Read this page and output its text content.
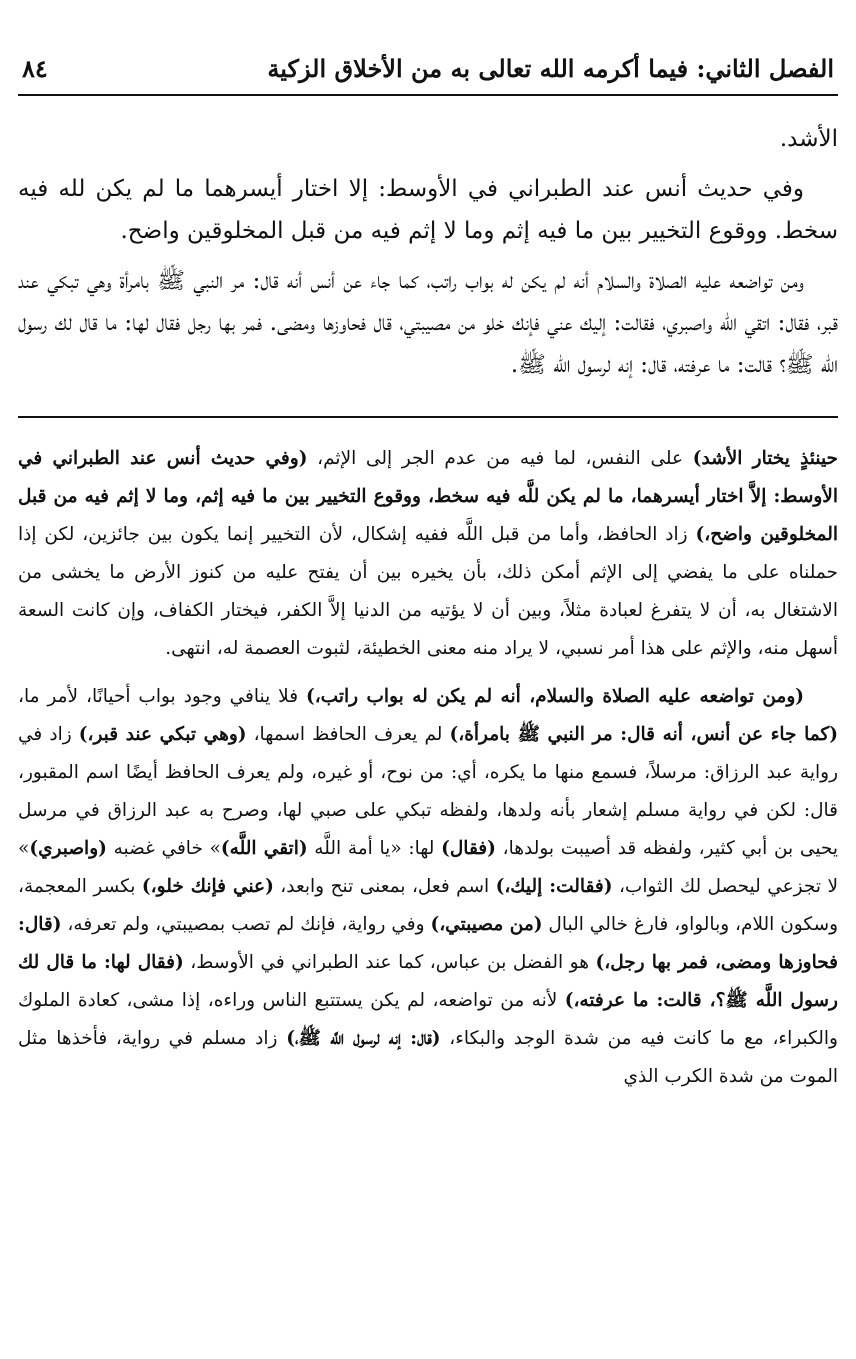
الفصل الثاني: فيما أكرمه الله تعالى به من الأخلاق الزكية
٨٤

الأشد.

وفي حديث أنس عند الطبراني في الأوسط: إلا اختار أيسرهما ما لم يكن لله فيه سخط. ووقوع التخيير بين ما فيه إثم وما لا إثم فيه من قبل المخلوقين واضح.

ومن تواضعه عليه الصلاة والسلام أنه لم يكن له بواب راتب، كما جاء عن أنس أنه قال: مر النبي ﷺ بامرأة وهي تبكي عند قبر، فقال: اتقي الله واصبري، فقالت: إليك عني فإنك خلو من مصيبتي، قال فحاوزها ومضى. فمر بها رجل فقال لها: ما قال لك رسول الله ﷺ؟ قالت: ما عرفته، قال: إنه لرسول الله ﷺ.

حينئذٍ يختار الأشد) على النفس، لما فيه من عدم الجر إلى الإثم، (وفي حديث أنس عند الطبراني في الأوسط: إلاَّ اختار أيسرهما، ما لم يكن للَّه فيه سخط، ووقوع التخيير بين ما فيه إثم، وما لا إثم فيه من قبل المخلوقين واضح،) زاد الحافظ، وأما من قبل اللَّه ففيه إشكال، لأن التخيير إنما يكون بين جائزين، لكن إذا حملناه على ما يفضي إلى الإثم أمكن ذلك، بأن يخيره بين أن يفتح عليه من كنوز الأرض ما يخشى من الاشتغال به، أن لا يتفرغ لعبادة مثلاً، وبين أن لا يؤتيه من الدنيا إلاَّ الكفر، فيختار الكفاف، وإن كانت السعة أسهل منه، والإثم على هذا أمر نسبي، لا يراد منه معنى الخطيئة، لثبوت العصمة له، انتهى.

(ومن تواضعه عليه الصلاة والسلام، أنه لم يكن له بواب راتب،) فلا ينافي وجود بواب أحيانًا، لأمر ما، (كما جاء عن أنس، أنه قال: مر النبي ﷺ بامرأة،) لم يعرف الحافظ اسمها، (وهي تبكي عند قبر،) زاد في رواية عبد الرزاق: مرسلاً، فسمع منها ما يكره، أي: من نوح، أو غيره، ولم يعرف الحافظ أيضًا اسم المقبور، قال: لكن في رواية مسلم إشعار بأنه ولدها، ولفظه تبكي على صبي لها، وصرح به عبد الرزاق في مرسل يحيى بن أبي كثير، ولفظه قد أصيبت بولدها، (فقال) لها: «يا أمة اللَّه (اتقي اللَّه)» خافي غضبه (واصبري)» لا تجزعي ليحصل لك الثواب، (فقالت: إليك،) اسم فعل، بمعنى تنح وابعد، (عني فإنك خلو،) بكسر المعجمة، وسكون اللام، وبالواو، فارغ خالي البال (من مصيبتي،) وفي رواية، فإنك لم تصب بمصيبتي، ولم تعرفه، (قال: فحاوزها ومضى، فمر بها رجل،) هو الفضل بن عباس، كما عند الطبراني في الأوسط، (فقال لها: ما قال لك رسول اللَّه ﷺ؟، قالت: ما عرفته،) لأنه من تواضعه، لم يكن يستتبع الناس وراءه، إذا مشى، كعادة الملوك والكبراء، مع ما كانت فيه من شدة الوجد والبكاء، (قال: إنه لرسول اللَّه ﷺ،) زاد مسلم في رواية، فأخذها مثل الموت من شدة الكرب الذي
